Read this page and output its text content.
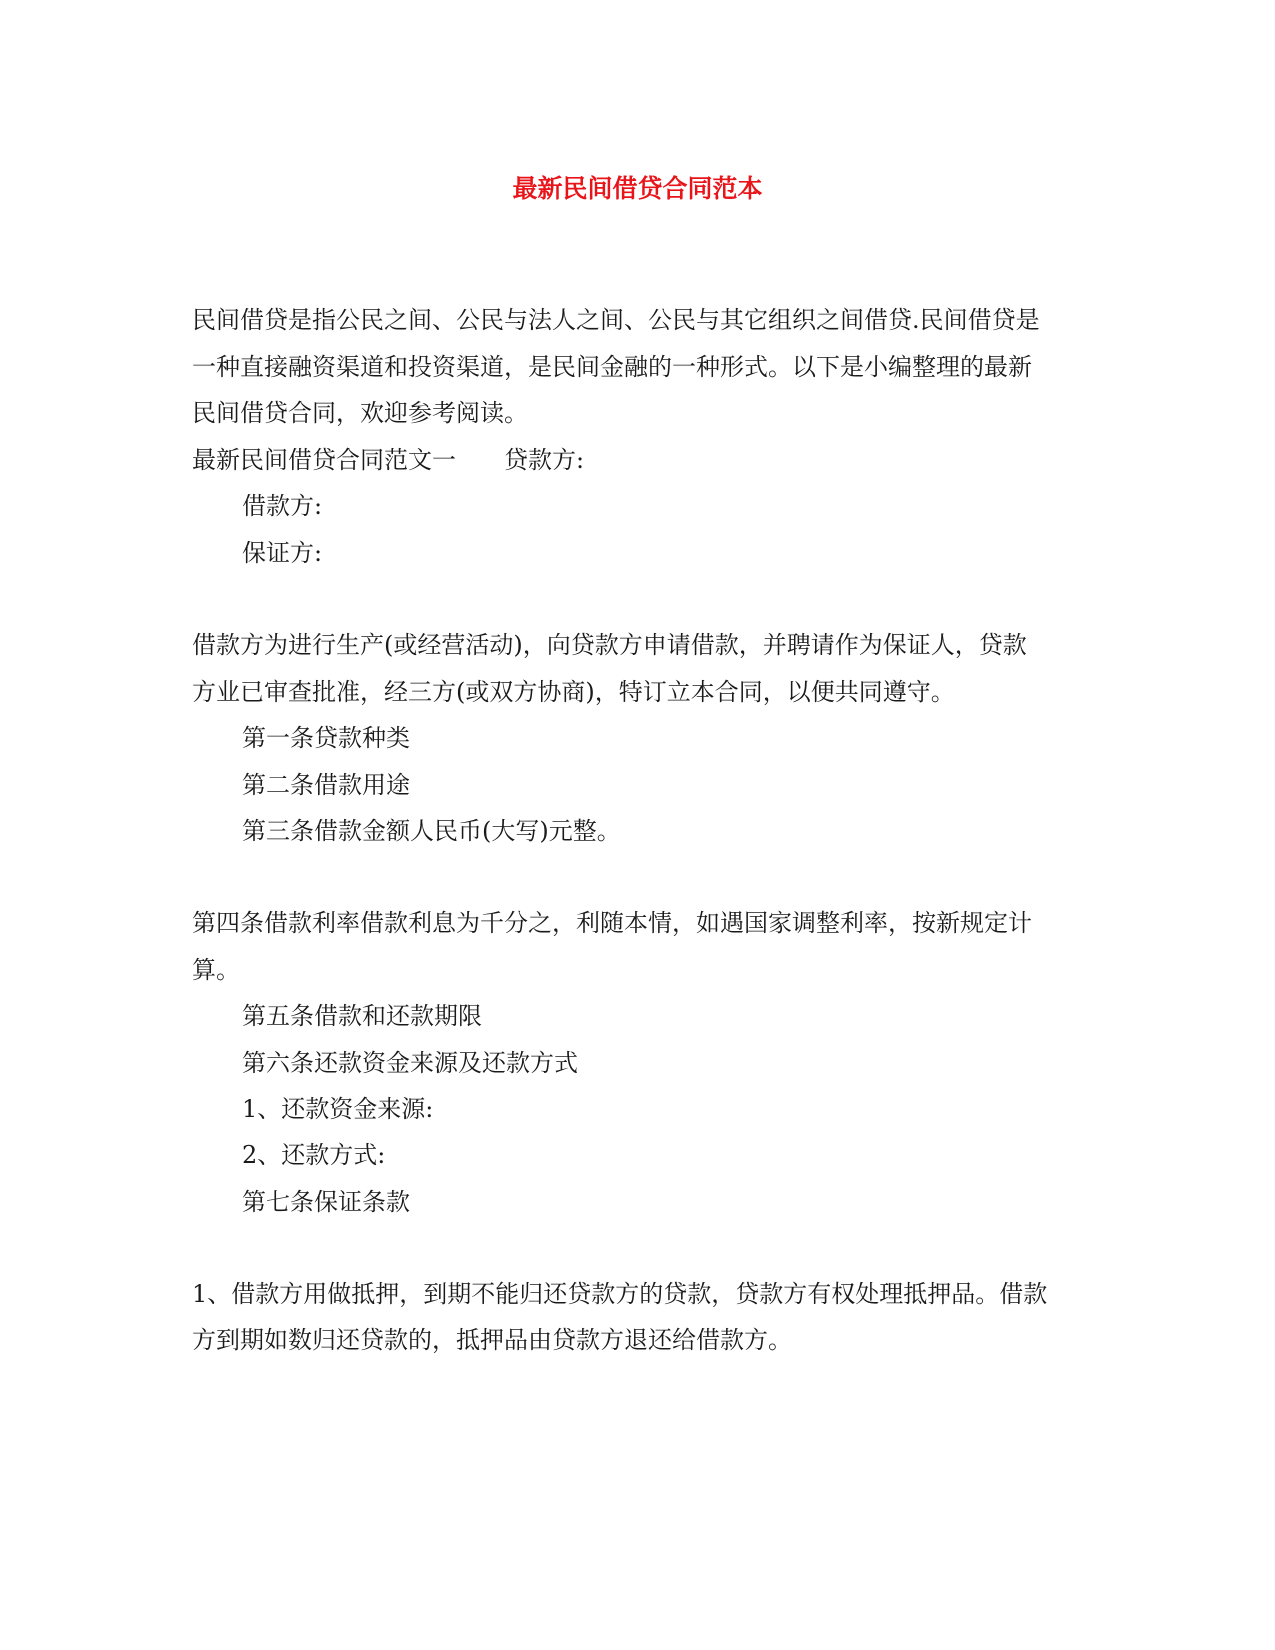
最新民间借贷合同范本

民间借贷是指公民之间、公民与法人之间、公民与其它组织之间借贷.民间借贷是

一种直接融资渠道和投资渠道，是民间金融的一种形式。以下是小编整理的最新

民间借贷合同，欢迎参考阅读。

最新民间借贷合同范文一 贷款方:

借款方:

保证方:

借款方为进行生产(或经营活动)，向贷款方申请借款，并聘请作为保证人，贷款

方业已审查批准，经三方(或双方协商)，特订立本合同，以便共同遵守。

第一条贷款种类

第二条借款用途

第三条借款金额人民币(大写)元整。

第四条借款利率借款利息为千分之，利随本情，如遇国家调整利率，按新规定计

算。

第五条借款和还款期限

第六条还款资金来源及还款方式

1、还款资金来源:

2、还款方式:

第七条保证条款

1、借款方用做抵押，到期不能归还贷款方的贷款，贷款方有权处理抵押品。借款

方到期如数归还贷款的，抵押品由贷款方退还给借款方。
